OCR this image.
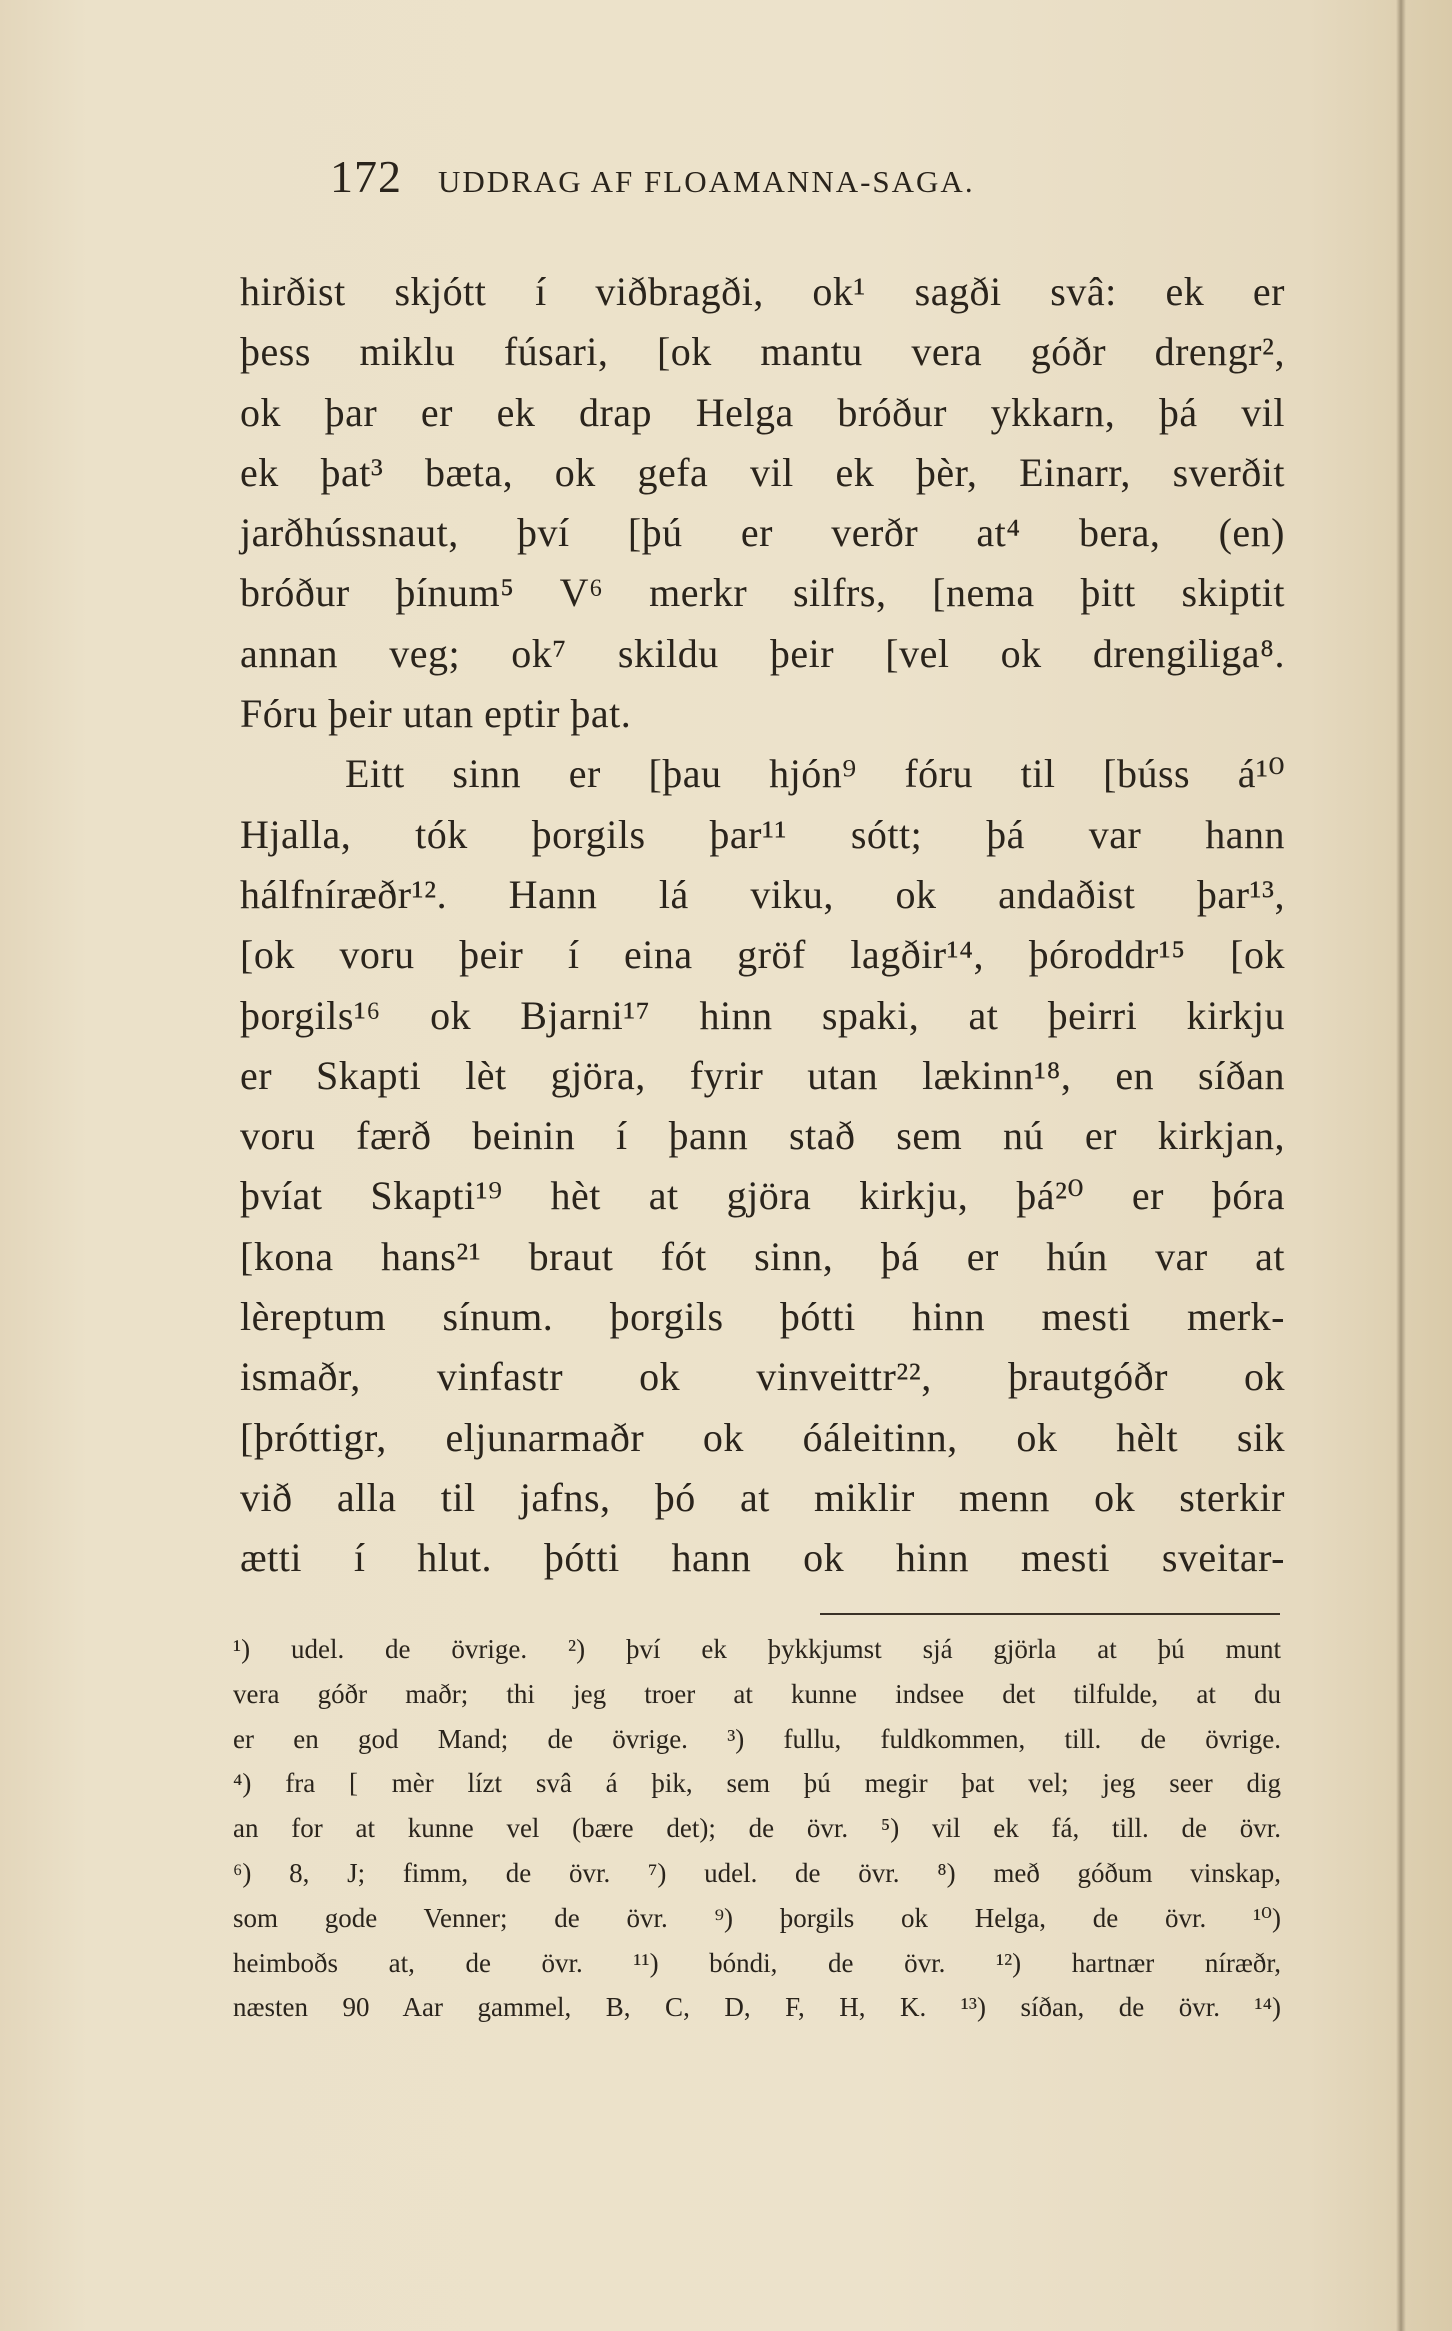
172 UDDRAG AF FLOAMANNA-SAGA.
hirðist skjótt í viðbragði, ok¹ sagði svâ: ek er
þess miklu fúsari, [ok mantu vera góðr drengr²,
ok þar er ek drap Helga bróður ykkarn, þá vil
ek þat³ bæta, ok gefa vil ek þèr, Einarr, sverðit
jarðhússnaut, því [þú er verðr at⁴ bera, (en)
bróður þínum⁵ V⁶ merkr silfrs, [nema þitt skiptit
annan veg; ok⁷ skildu þeir [vel ok drengiliga⁸.
Fóru þeir utan eptir þat.
Eitt sinn er [þau hjón⁹ fóru til [búss á¹⁰
Hjalla, tók þorgils þar¹¹ sótt; þá var hann
hálfníræðr¹². Hann lá viku, ok andaðist þar¹³,
[ok voru þeir í eina gröf lagðir¹⁴, þóroddr¹⁵ [ok
þorgils¹⁶ ok Bjarni¹⁷ hinn spaki, at þeirri kirkju
er Skapti lèt gjöra, fyrir utan lækinn¹⁸, en síðan
voru færð beinin í þann stað sem nú er kirkjan,
þvíat Skapti¹⁹ hèt at gjöra kirkju, þá²⁰ er þóra
[kona hans²¹ braut fót sinn, þá er hún var at
lèreptum sínum. þorgils þótti hinn mesti merk-
ismaðr, vinfastr ok vinveittr²², þrautgóðr ok
[þróttigr, eljunarmaðr ok óáleitinn, ok hèlt sik
við alla til jafns, þó at miklir menn ok sterkir
ætti í hlut. þótti hann ok hinn mesti sveitar-
¹) udel. de övrige. ²) því ek þykkjumst sjá gjörla at þú munt
vera góðr maðr; thi jeg troer at kunne indsee det tilfulde, at du
er en god Mand; de övrige. ³) fullu, fuldkommen, till. de övrige.
⁴) fra [ mèr lízt svâ á þik, sem þú megir þat vel; jeg seer dig
an for at kunne vel (bære det); de övr. ⁵) vil ek fá, till. de övr.
⁶) 8, J; fimm, de övr. ⁷) udel. de övr. ⁸) með góðum vinskap,
som gode Venner; de övr. ⁹) þorgils ok Helga, de övr. ¹⁰)
heimboðs at, de övr. ¹¹) bóndi, de övr. ¹²) hartnær níræðr,
næsten 90 Aar gammel, B, C, D, F, H, K. ¹³) síðan, de övr. ¹⁴)
